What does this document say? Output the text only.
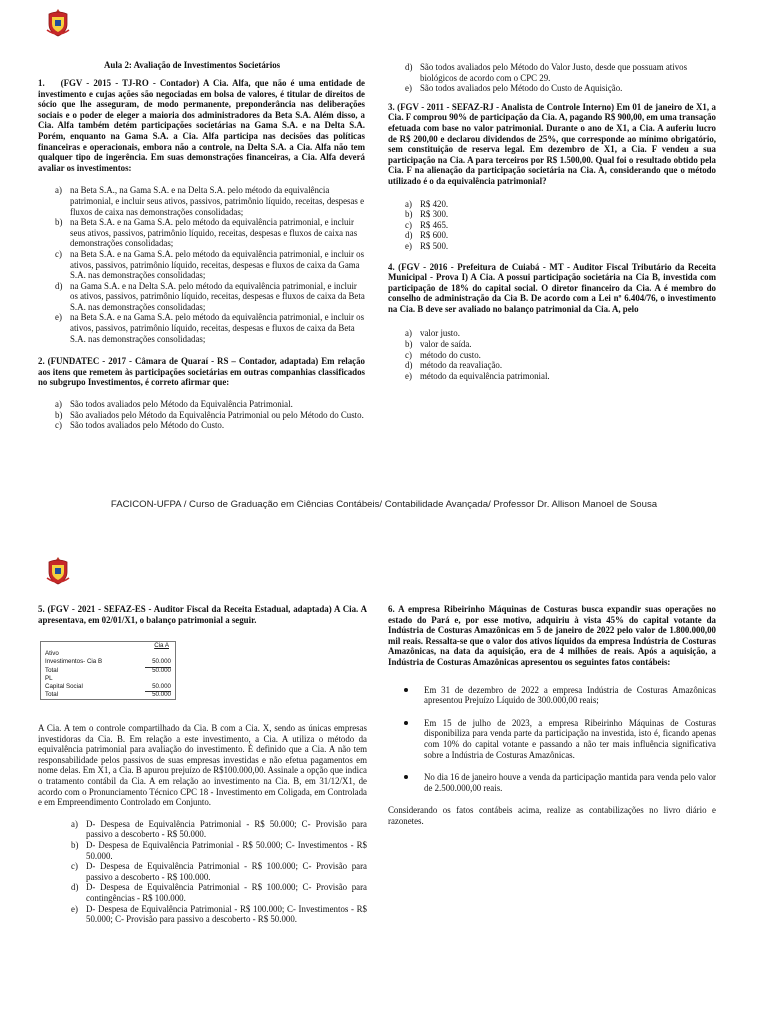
Aula 2: Avaliação de Investimentos Societários

1. (FGV - 2015 - TJ-RO - Contador) A Cia. Alfa, que não é uma entidade de investimento e cujas ações são negociadas em bolsa de valores, é titular de direitos de sócio que lhe asseguram, de modo permanente, preponderância nas deliberações sociais e o poder de eleger a maioria dos administradores da Beta S.A. Além disso, a Cia. Alfa também detém participações societárias na Gama S.A. e na Delta S.A. Porém, enquanto na Gama S.A. a Cia. Alfa participa nas decisões das políticas financeiras e operacionais, embora não a controle, na Delta S.A. a Cia. Alfa não tem qualquer tipo de ingerência. Em suas demonstrações financeiras, a Cia. Alfa deverá avaliar os investimentos:

a) na Beta S.A., na Gama S.A. e na Delta S.A. pelo método da equivalência patrimonial, e incluir seus ativos, passivos, patrimônio líquido, receitas, despesas e fluxos de caixa nas demonstrações consolidadas;
b) na Beta S.A. e na Gama S.A. pelo método da equivalência patrimonial, e incluir seus ativos, passivos, patrimônio líquido, receitas, despesas e fluxos de caixa nas demonstrações consolidadas;
c) na Beta S.A. e na Gama S.A. pelo método da equivalência patrimonial, e incluir os ativos, passivos, patrimônio líquido, receitas, despesas e fluxos de caixa da Gama S.A. nas demonstrações consolidadas;
d) na Gama S.A. e na Delta S.A. pelo método da equivalência patrimonial, e incluir os ativos, passivos, patrimônio líquido, receitas, despesas e fluxos de caixa da Beta S.A. nas demonstrações consolidadas;
e) na Beta S.A. e na Gama S.A. pelo método da equivalência patrimonial, e incluir os ativos, passivos, patrimônio líquido, receitas, despesas e fluxos de caixa da Beta S.A. nas demonstrações consolidadas;

2. (FUNDATEC - 2017 - Câmara de Quaraí - RS – Contador, adaptada) Em relação aos itens que remetem às participações societárias em outras companhias classificados no subgrupo Investimentos, é correto afirmar que:

a) São todos avaliados pelo Método da Equivalência Patrimonial.
b) São avaliados pelo Método da Equivalência Patrimonial ou pelo Método do Custo.
c) São todos avaliados pelo Método do Custo.
d) São todos avaliados pelo Método do Valor Justo, desde que possuam ativos biológicos de acordo com o CPC 29.
e) São todos avaliados pelo Método do Custo de Aquisição.

3. (FGV - 2011 - SEFAZ-RJ - Analista de Controle Interno) Em 01 de janeiro de X1, a Cia. F comprou 90% de participação da Cia. A, pagando R$ 900,00, em uma transação efetuada com base no valor patrimonial. Durante o ano de X1, a Cia. A auferiu lucro de R$ 200,00 e declarou dividendos de 25%, que corresponde ao mínimo obrigatório, sem constituição de reserva legal. Em dezembro de X1, a Cia. F vendeu a sua participação na Cia. A para terceiros por R$ 1.500,00. Qual foi o resultado obtido pela Cia. F na alienação da participação societária na Cia. A, considerando que o método utilizado é o da equivalência patrimonial?

a) R$ 420.
b) R$ 300.
c) R$ 465.
d) R$ 600.
e) R$ 500.

4. (FGV - 2016 - Prefeitura de Cuiabá - MT - Auditor Fiscal Tributário da Receita Municipal - Prova I) A Cia. A possui participação societária na Cia B, investida com participação de 18% do capital social. O diretor financeiro da Cia. A é membro do conselho de administração da Cia B. De acordo com a Lei nº 6.404/76, o investimento na Cia. B deve ser avaliado no balanço patrimonial da Cia. A, pelo

a) valor justo.
b) valor de saída.
c) método do custo.
d) método da reavaliação.
e) método da equivalência patrimonial.
FACICON-UFPA / Curso de Graduação em Ciências Contábeis/ Contabilidade Avançada/ Professor Dr. Allison Manoel de Sousa

5. (FGV - 2021 - SEFAZ-ES - Auditor Fiscal da Receita Estadual, adaptada) A Cia. A apresentava, em 02/01/X1, o balanço patrimonial a seguir.

Cia A
Ativo
Investimentos- Cia B	50.000
Total	50.000
PL
Capital Social	50.000
Total	50.000

A Cia. A tem o controle compartilhado da Cia. B com a Cia. X, sendo as únicas empresas investidoras da Cia. B. Em relação a este investimento, a Cia. A utiliza o método da equivalência patrimonial para avaliação do investimento. É definido que a Cia. A não tem responsabilidade pelos passivos de suas empresas investidas e não efetua pagamentos em nome delas. Em X1, a Cia. B apurou prejuízo de R$100.000,00. Assinale a opção que indica o tratamento contábil da Cia. A em relação ao investimento na Cia. B, em 31/12/X1, de acordo com o Pronunciamento Técnico CPC 18 - Investimento em Coligada, em Controlada e em Empreendimento Controlado em Conjunto.

a) D- Despesa de Equivalência Patrimonial - R$ 50.000; C- Provisão para passivo a descoberto - R$ 50.000.
b) D- Despesa de Equivalência Patrimonial - R$ 50.000; C- Investimentos - R$ 50.000.
c) D- Despesa de Equivalência Patrimonial - R$ 100.000; C- Provisão para passivo a descoberto - R$ 100.000.
d) D- Despesa de Equivalência Patrimonial - R$ 100.000; C- Provisão para contingências - R$ 100.000.
e) D- Despesa de Equivalência Patrimonial - R$ 100.000; C- Investimentos - R$ 50.000; C- Provisão para passivo a descoberto - R$ 50.000.

6. A empresa Ribeirinho Máquinas de Costuras busca expandir suas operações no estado do Pará e, por esse motivo, adquiriu à vista 45% do capital votante da Indústria de Costuras Amazônicas em 5 de janeiro de 2022 pelo valor de 1.800.000,00 mil reais. Ressalta-se que o valor dos ativos líquidos da empresa Indústria de Costuras Amazônicas, na data da aquisição, era de 4 milhões de reais. Após a aquisição, a Indústria de Costuras Amazônicas apresentou os seguintes fatos contábeis:

Em 31 de dezembro de 2022 a empresa Indústria de Costuras Amazônicas apresentou Prejuízo Líquido de 300.000,00 reais;
Em 15 de julho de 2023, a empresa Ribeirinho Máquinas de Costuras disponibiliza para venda parte da participação na investida, isto é, ficando apenas com 10% do capital votante e passando a não ter mais influência significativa sobre a Indústria de Costuras Amazônicas.
No dia 16 de janeiro houve a venda da participação mantida para venda pelo valor de 2.500.000,00 reais.

Considerando os fatos contábeis acima, realize as contabilizações no livro diário e razonetes.
